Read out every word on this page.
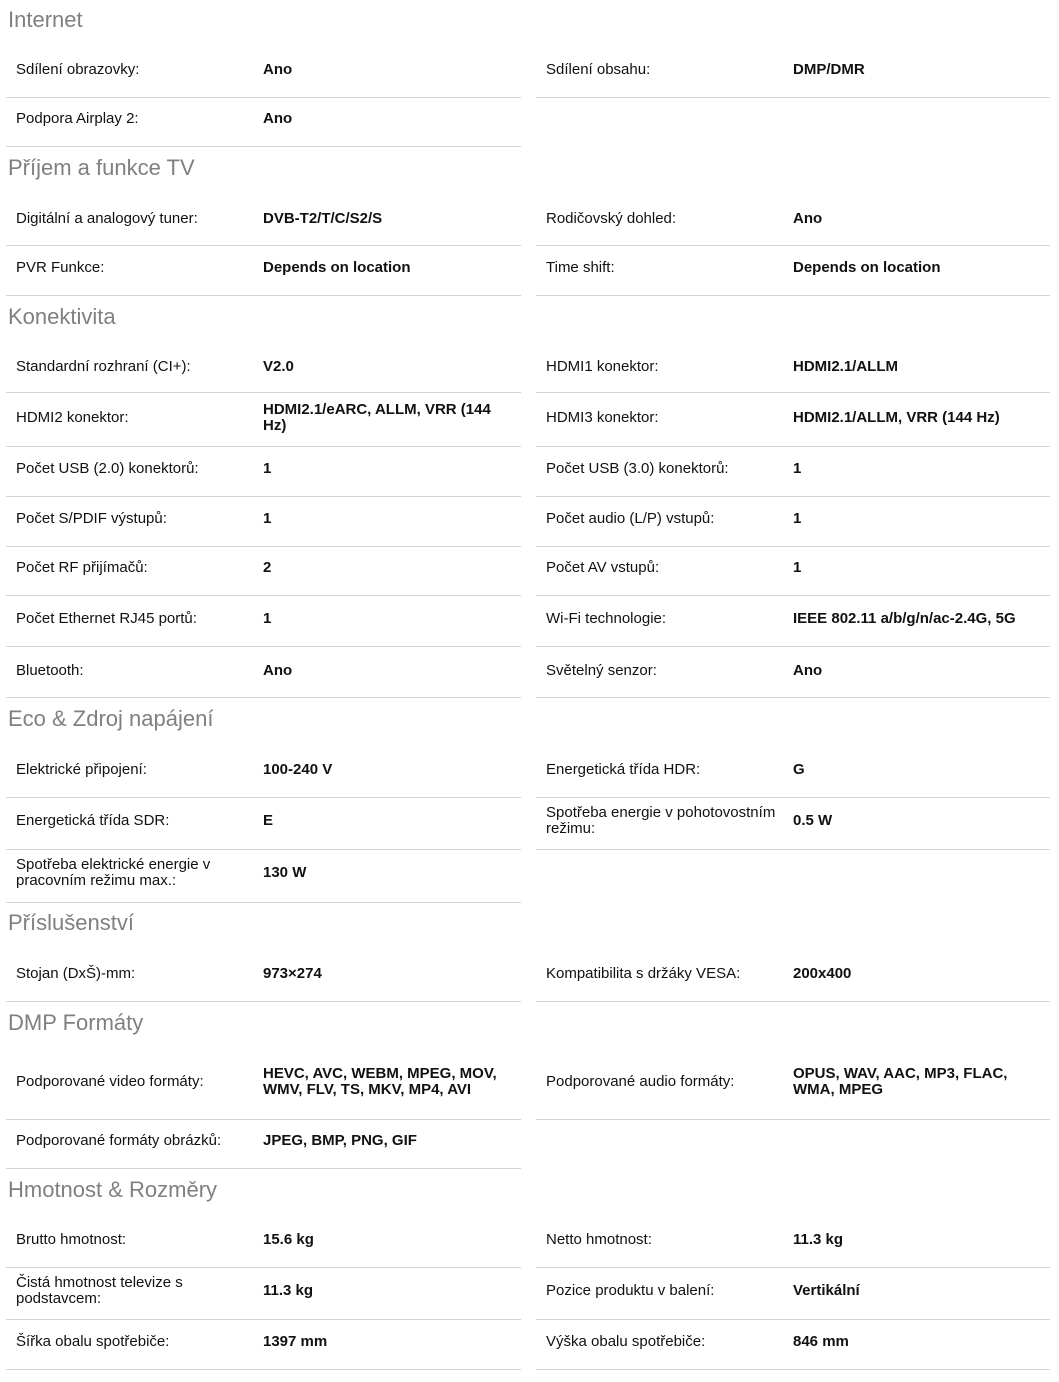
Internet
Sdílení obrazovky:	Ano	Sdílení obsahu:	DMP/DMR
Podpora Airplay 2:	Ano
Příjem a funkce TV
Digitální a analogový tuner:	DVB-T2/T/C/S2/S	Rodičovský dohled:	Ano
PVR Funkce:	Depends on location	Time shift:	Depends on location
Konektivita
Standardní rozhraní (CI+):	V2.0	HDMI1 konektor:	HDMI2.1/ALLM
HDMI2 konektor:	HDMI2.1/eARC, ALLM, VRR (144 Hz)	HDMI3 konektor:	HDMI2.1/ALLM, VRR (144 Hz)
Počet USB (2.0) konektorů:	1	Počet USB (3.0) konektorů:	1
Počet S/PDIF výstupů:	1	Počet audio (L/P) vstupů:	1
Počet RF přijímačů:	2	Počet AV vstupů:	1
Počet Ethernet RJ45 portů:	1	Wi-Fi technologie:	IEEE 802.11 a/b/g/n/ac-2.4G, 5G
Bluetooth:	Ano	Světelný senzor:	Ano
Eco & Zdroj napájení
Elektrické připojení:	100-240 V	Energetická třída HDR:	G
Energetická třída SDR:	E	Spotřeba energie v pohotovostním režimu:	0.5 W
Spotřeba elektrické energie v pracovním režimu max.:	130 W
Příslušenství
Stojan (DxŠ)-mm:	973×274	Kompatibilita s držáky VESA:	200x400
DMP Formáty
Podporované video formáty:	HEVC, AVC, WEBM, MPEG, MOV, WMV, FLV, TS, MKV, MP4, AVI	Podporované audio formáty:	OPUS, WAV, AAC, MP3, FLAC, WMA, MPEG
Podporované formáty obrázků:	JPEG, BMP, PNG, GIF
Hmotnost & Rozměry
Brutto hmotnost:	15.6 kg	Netto hmotnost:	11.3 kg
Čistá hmotnost televize s podstavcem:	11.3 kg	Pozice produktu v balení:	Vertikální
Šířka obalu spotřebiče:	1397 mm	Výška obalu spotřebiče:	846 mm
